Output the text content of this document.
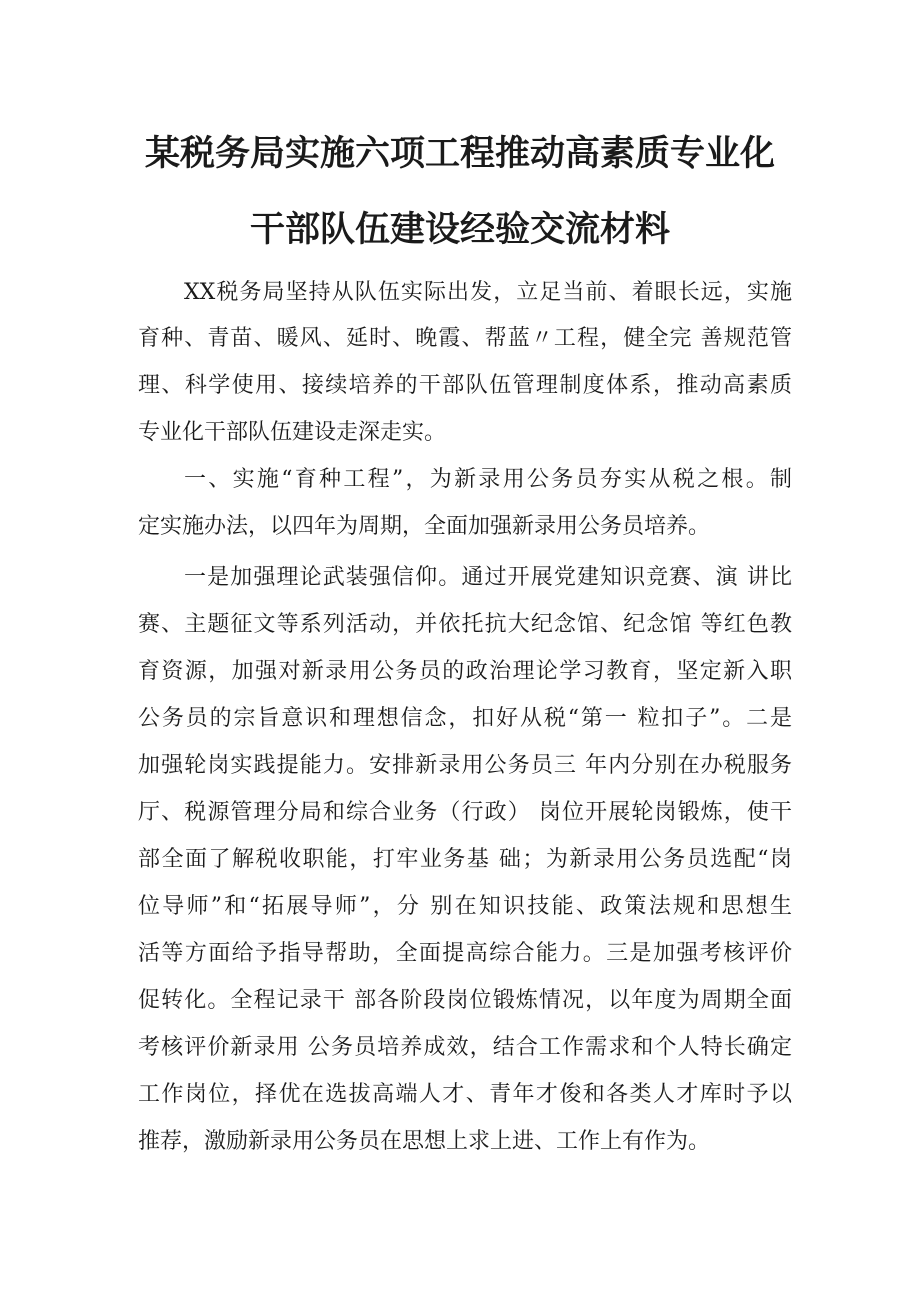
某税务局实施六项工程推动高素质专业化
干部队伍建设经验交流材料
XX税务局坚持从队伍实际出发，立足当前、着眼长远，实施
育种、青苗、暖风、延时、晚霞、帮蓝〃工程，健全完 善规范管
理、科学使用、接续培养的干部队伍管理制度体系，推动高素质
专业化干部队伍建设走深走实。
一、实施“育种工程”，为新录用公务员夯实从税之根。制
定实施办法，以四年为周期，全面加强新录用公务员培养。
一是加强理论武装强信仰。通过开展党建知识竞赛、演 讲比
赛、主题征文等系列活动，并依托抗大纪念馆、纪念馆 等红色教
育资源，加强对新录用公务员的政治理论学习教育，坚定新入职
公务员的宗旨意识和理想信念，扣好从税“第一 粒扣子”。二是
加强轮岗实践提能力。安排新录用公务员三 年内分别在办税服务
厅、税源管理分局和综合业务（行政） 岗位开展轮岗锻炼，使干
部全面了解税收职能，打牢业务基 础；为新录用公务员选配“岗
位导师”和“拓展导师”，分 别在知识技能、政策法规和思想生
活等方面给予指导帮助，全面提高综合能力。三是加强考核评价
促转化。全程记录干 部各阶段岗位锻炼情况，以年度为周期全面
考核评价新录用 公务员培养成效，结合工作需求和个人特长确定
工作岗位，择优在选拔高端人才、青年才俊和各类人才库时予以
推荐，激励新录用公务员在思想上求上进、工作上有作为。
